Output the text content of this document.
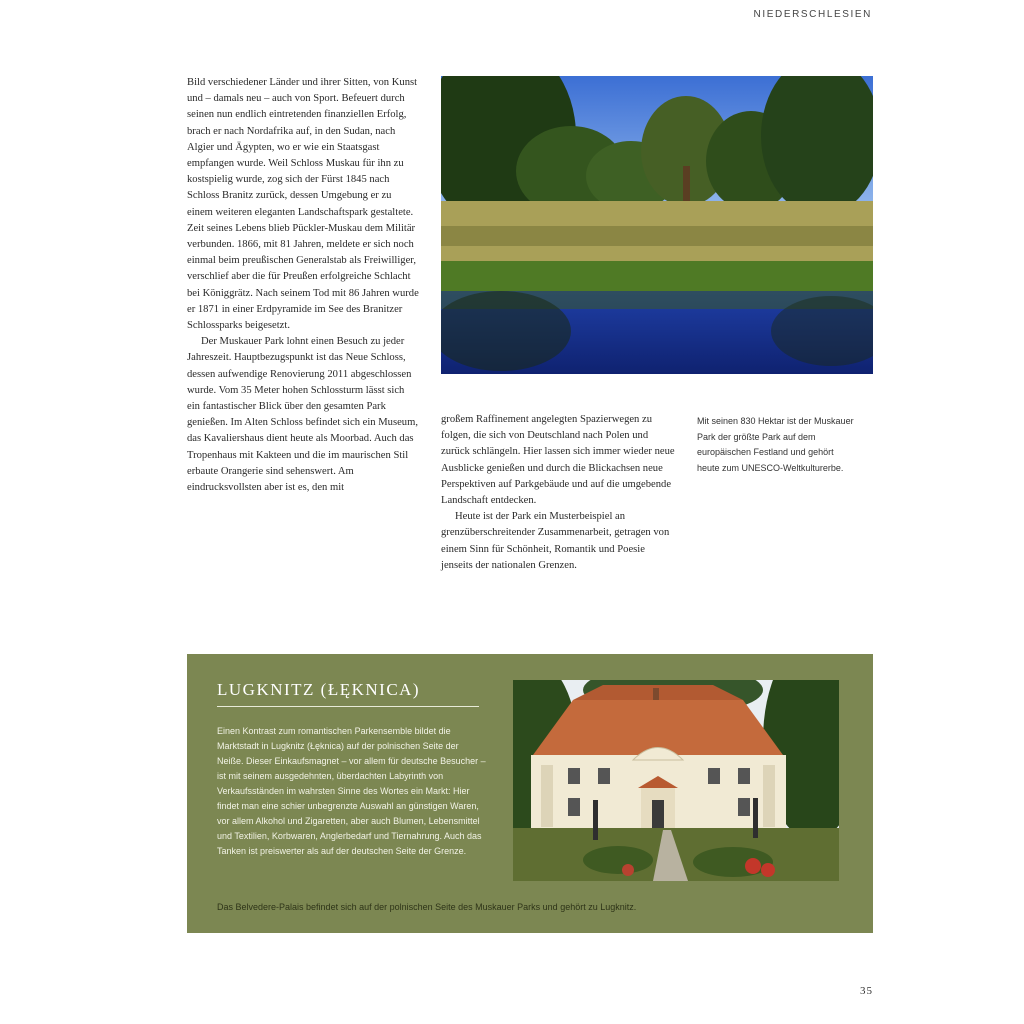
NIEDERSCHLESIEN

Bild verschiedener Länder und ihrer Sitten, von Kunst und – damals neu – auch von Sport. Befeuert durch seinen nun endlich eintretenden finanziellen Erfolg, brach er nach Nordafrika auf, in den Sudan, nach Algier und Ägypten, wo er wie ein Staatsgast empfangen wurde. Weil Schloss Muskau für ihn zu kostspielig wurde, zog sich der Fürst 1845 nach Schloss Branitz zurück, dessen Umgebung er zu einem weiteren eleganten Landschaftspark gestaltete.

Zeit seines Lebens blieb Pückler-Muskau dem Militär verbunden. 1866, mit 81 Jahren, meldete er sich noch einmal beim preußischen Generalstab als Freiwilliger, verschlief aber die für Preußen erfolgreiche Schlacht bei Königgrätz. Nach seinem Tod mit 86 Jahren wurde er 1871 in einer Erdpyramide im See des Branitzer Schlossparks beigesetzt.

Der Muskauer Park lohnt einen Besuch zu jeder Jahreszeit. Hauptbezugspunkt ist das Neue Schloss, dessen aufwendige Renovierung 2011 abgeschlossen wurde. Vom 35 Meter hohen Schlossturm lässt sich ein fantastischer Blick über den gesamten Park genießen. Im Alten Schloss befindet sich ein Museum, das Kavaliershaus dient heute als Moorbad. Auch das Tropenhaus mit Kakteen und die im maurischen Stil erbaute Orangerie sind sehenswert. Am eindrucksvollsten aber ist es, den mit

großem Raffinement angelegten Spazierwegen zu folgen, die sich von Deutschland nach Polen und zurück schlängeln. Hier lassen sich immer wieder neue Ausblicke genießen und durch die Blickachsen neue Perspektiven auf Parkgebäude und auf die umgebende Landschaft entdecken.

Heute ist der Park ein Musterbeispiel an grenzüberschreitender Zusammenarbeit, getragen von einem Sinn für Schönheit, Romantik und Poesie jenseits der nationalen Grenzen.

Mit seinen 830 Hektar ist der Muskauer Park der größte Park auf dem europäischen Festland und gehört heute zum UNESCO-Weltkulturerbe.
LUGKNITZ (ŁĘKNICA)

Einen Kontrast zum romantischen Parkensemble bildet die Marktstadt in Lugknitz (Łęknica) auf der polnischen Seite der Neiße. Dieser Einkaufsmagnet – vor allem für deutsche Besucher – ist mit seinem ausgedehnten, überdachten Labyrinth von Verkaufsständen im wahrsten Sinne des Wortes ein Markt: Hier findet man eine schier unbegrenzte Auswahl an günstigen Waren, vor allem Alkohol und Zigaretten, aber auch Blumen, Lebensmittel und Textilien, Korbwaren, Anglerbedarf und Tiernahrung. Auch das Tanken ist preiswerter als auf der deutschen Seite der Grenze.

Das Belvedere-Palais befindet sich auf der polnischen Seite des Muskauer Parks und gehört zu Lugknitz.

35
